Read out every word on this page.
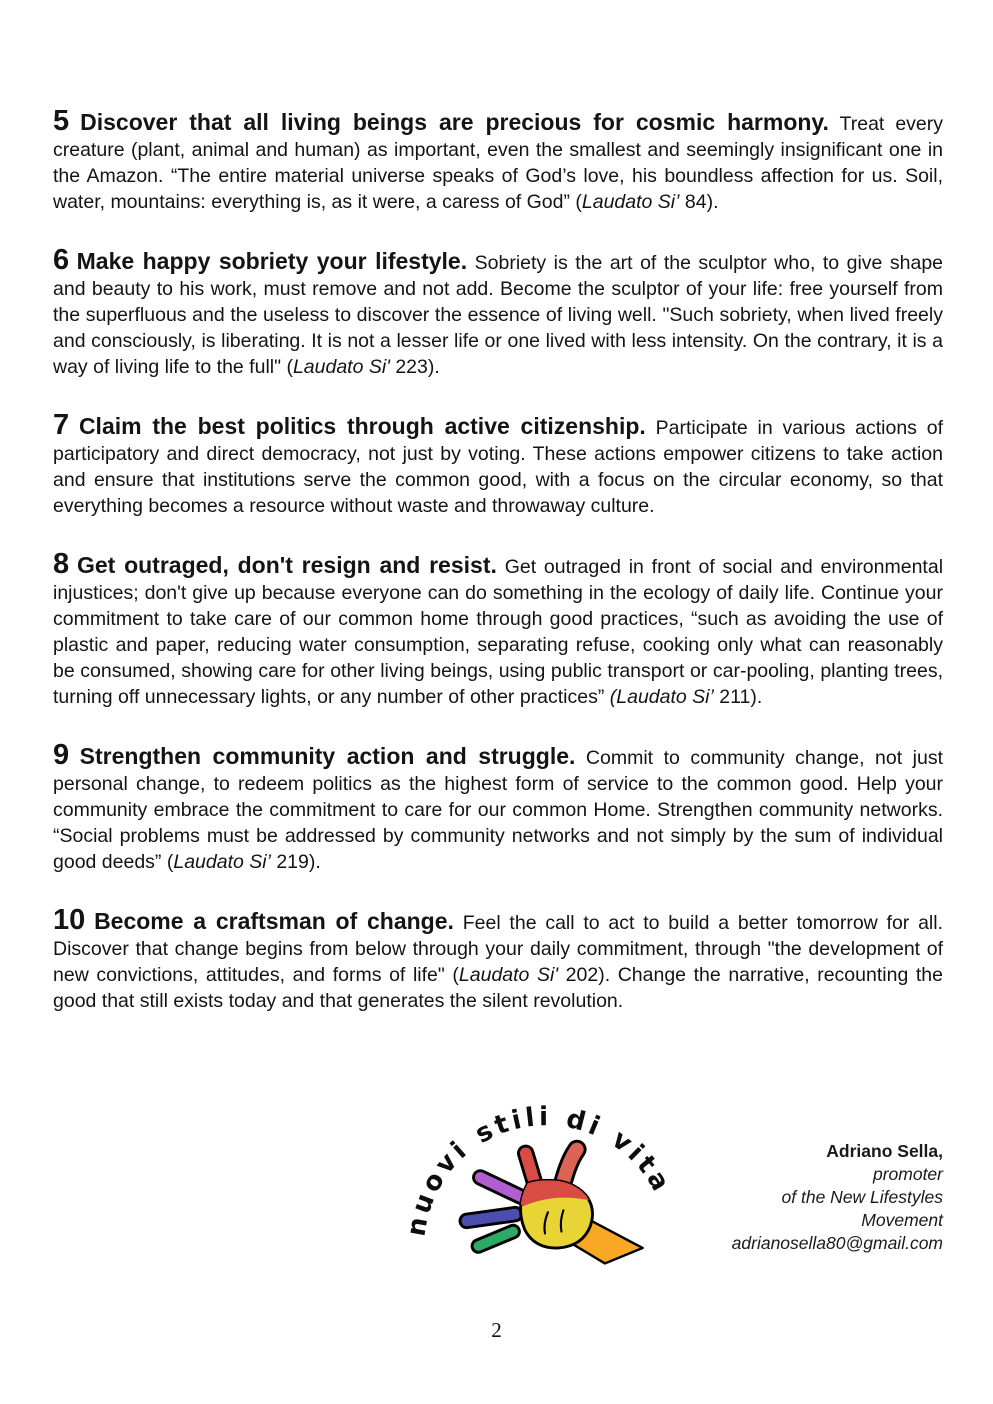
5 Discover that all living beings are precious for cosmic harmony. Treat every creature (plant, animal and human) as important, even the smallest and seemingly insignificant one in the Amazon. “The entire material universe speaks of God’s love, his boundless affection for us. Soil, water, mountains: everything is, as it were, a caress of God” (Laudato Si’ 84).

6 Make happy sobriety your lifestyle. Sobriety is the art of the sculptor who, to give shape and beauty to his work, must remove and not add. Become the sculptor of your life: free yourself from the superfluous and the useless to discover the essence of living well. "Such sobriety, when lived freely and consciously, is liberating. It is not a lesser life or one lived with less intensity. On the contrary, it is a way of living life to the full" (Laudato Si' 223).

7 Claim the best politics through active citizenship. Participate in various actions of participatory and direct democracy, not just by voting. These actions empower citizens to take action and ensure that institutions serve the common good, with a focus on the circular economy, so that everything becomes a resource without waste and throwaway culture.

8 Get outraged, don't resign and resist. Get outraged in front of social and environmental injustices; don't give up because everyone can do something in the ecology of daily life. Continue your commitment to take care of our common home through good practices, “such as avoiding the use of plastic and paper, reducing water consumption, separating refuse, cooking only what can reasonably be consumed, showing care for other living beings, using public transport or car-pooling, planting trees, turning off unnecessary lights, or any number of other practices” (Laudato Si’ 211).

9 Strengthen community action and struggle. Commit to community change, not just personal change, to redeem politics as the highest form of service to the common good. Help your community embrace the commitment to care for our common Home. Strengthen community networks. “Social problems must be addressed by community networks and not simply by the sum of individual good deeds” (Laudato Si’ 219).

10 Become a craftsman of change. Feel the call to act to build a better tomorrow for all. Discover that change begins from below through your daily commitment, through "the development of new convictions, attitudes, and forms of life" (Laudato Si' 202). Change the narrative, recounting the good that still exists today and that generates the silent revolution.

nuovi stili di vita
Adriano Sella,
promoter
of the New Lifestyles
Movement
adrianosella80@gmail.com
2
